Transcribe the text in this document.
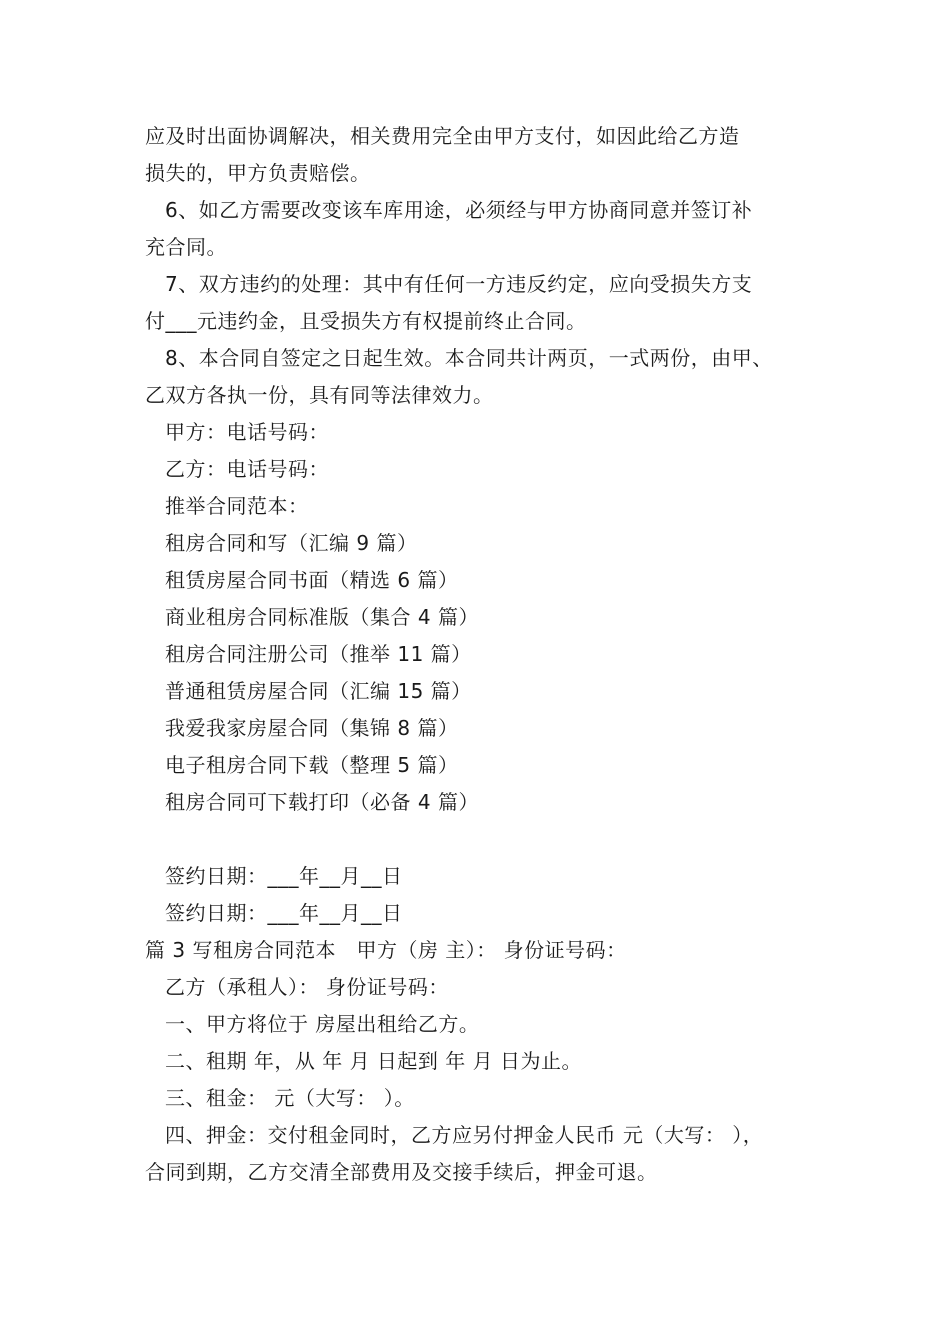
应及时出面协调解决，相关费用完全由甲方支付，如因此给乙方造
损失的，甲方负责赔偿。
6、如乙方需要改变该车库用途，必须经与甲方协商同意并签订补
充合同。
7、双方违约的处理：其中有任何一方违反约定，应向受损失方支
付___元违约金，且受损失方有权提前终止合同。
8、本合同自签定之日起生效。本合同共计两页，一式两份，由甲、
乙双方各执一份，具有同等法律效力。
甲方：电话号码：
乙方：电话号码：
推举合同范本：
租房合同和写（汇编 9 篇）
租赁房屋合同书面（精选 6 篇）
商业租房合同标准版（集合 4 篇）
租房合同注册公司（推举 11 篇）
普通租赁房屋合同（汇编 15 篇）
我爱我家房屋合同（集锦 8 篇）
电子租房合同下载（整理 5 篇）
租房合同可下载打印（必备 4 篇）
签约日期：___年__月__日
签约日期：___年__月__日
篇 3 写租房合同范本　甲方（房 主）： 身份证号码：
乙方（承租人）： 身份证号码：
一、甲方将位于 房屋出租给乙方。
二、租期 年，从 年 月 日起到 年 月 日为止。
三、租金： 元（大写： ）。
四、押金：交付租金同时，乙方应另付押金人民币 元（大写： ），
合同到期，乙方交清全部费用及交接手续后，押金可退。
